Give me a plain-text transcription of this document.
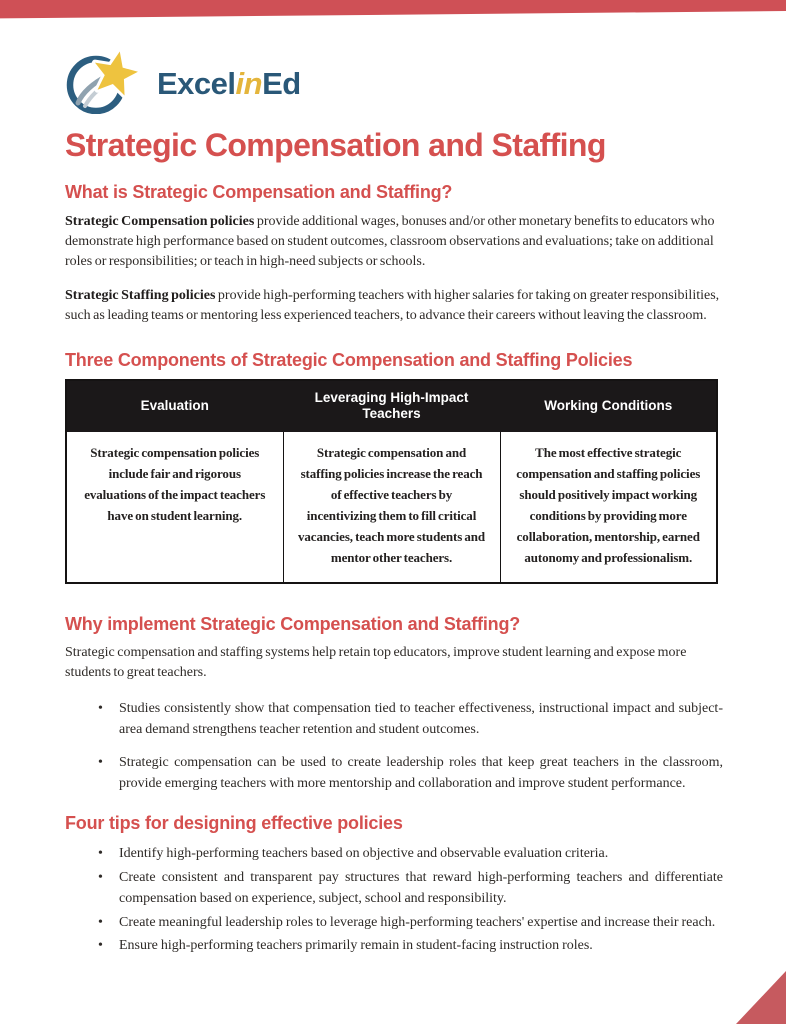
ExcelinEd
Strategic Compensation and Staffing
What is Strategic Compensation and Staffing?

Strategic Compensation policies provide additional wages, bonuses and/or other monetary benefits to educators who demonstrate high performance based on student outcomes, classroom observations and evaluations; take on additional roles or responsibilities; or teach in high-need subjects or schools.

Strategic Staffing policies provide high-performing teachers with higher salaries for taking on greater responsibilities, such as leading teams or mentoring less experienced teachers, to advance their careers without leaving the classroom.

Three Components of Strategic Compensation and Staffing Policies
Evaluation	Leveraging High-Impact Teachers	Working Conditions
Strategic compensation policies include fair and rigorous evaluations of the impact teachers have on student learning.	Strategic compensation and staffing policies increase the reach of effective teachers by incentivizing them to fill critical vacancies, teach more students and mentor other teachers.	The most effective strategic compensation and staffing policies should positively impact working conditions by providing more collaboration, mentorship, earned autonomy and professionalism.
Why implement Strategic Compensation and Staffing?

Strategic compensation and staffing systems help retain top educators, improve student learning and expose more students to great teachers.

• Studies consistently show that compensation tied to teacher effectiveness, instructional impact and subject-area demand strengthens teacher retention and student outcomes.
• Strategic compensation can be used to create leadership roles that keep great teachers in the classroom, provide emerging teachers with more mentorship and collaboration and improve student performance.
Four tips for designing effective policies
• Identify high-performing teachers based on objective and observable evaluation criteria.
• Create consistent and transparent pay structures that reward high-performing teachers and differentiate compensation based on experience, subject, school and responsibility.
• Create meaningful leadership roles to leverage high-performing teachers' expertise and increase their reach.
• Ensure high-performing teachers primarily remain in student-facing instruction roles.
